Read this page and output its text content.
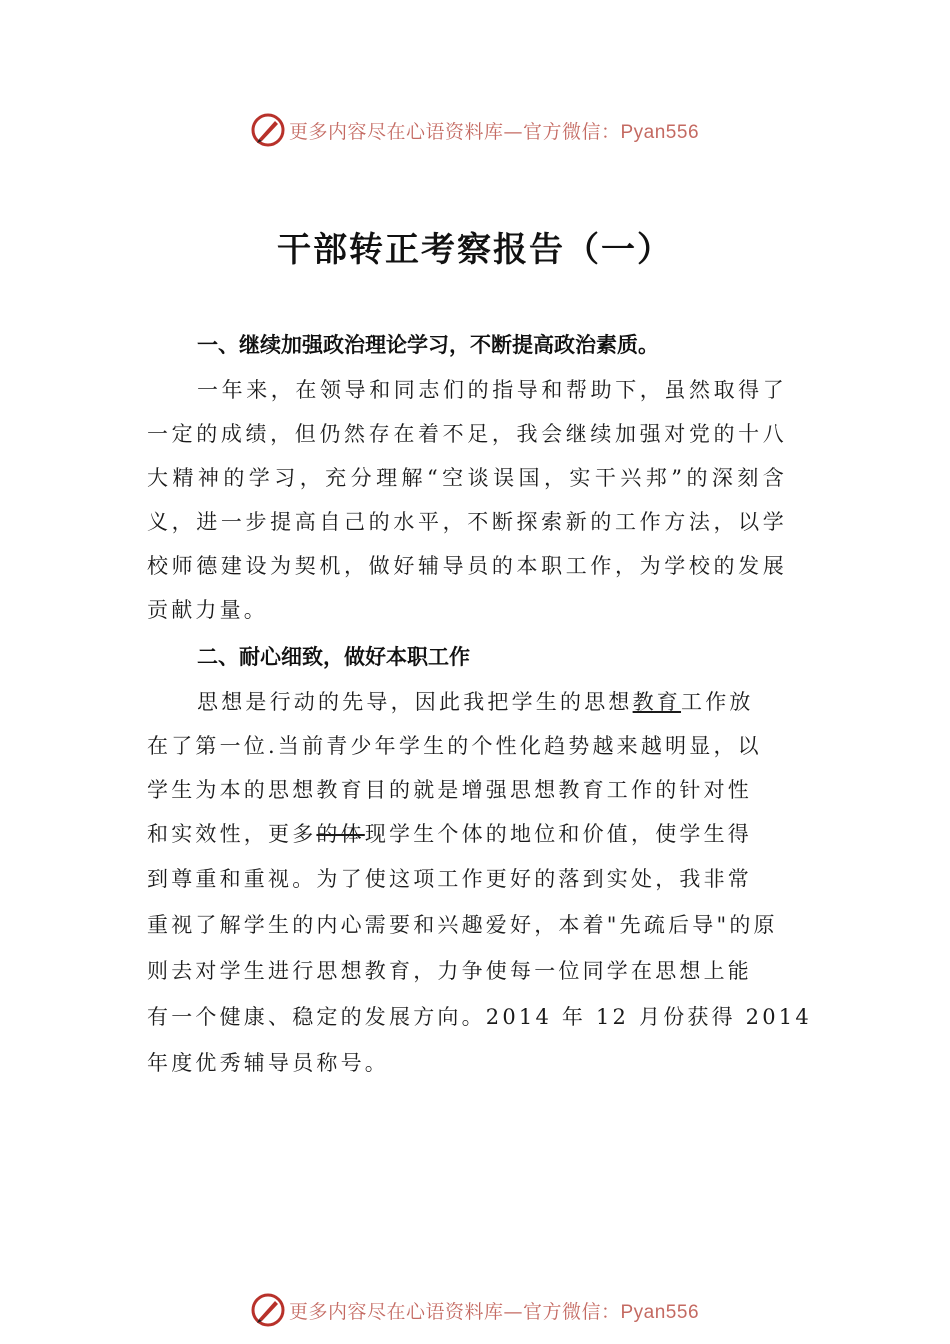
更多内容尽在心语资料库—官方微信：Pyan556
干部转正考察报告（一）

一、继续加强政治理论学习，不断提高政治素质。

一年来，在领导和同志们的指导和帮助下，虽然取得了一定的成绩，但仍然存在着不足，我会继续加强对党的十八大精神的学习，充分理解“空谈误国，实干兴邦”的深刻含义，进一步提高自己的水平，不断探索新的工作方法，以学校师德建设为契机，做好辅导员的本职工作，为学校的发展贡献力量。

二、耐心细致，做好本职工作

思想是行动的先导，因此我把学生的思想教育工作放
在了第一位.当前青少年学生的个性化趋势越来越明显，以
学生为本的思想教育目的就是增强思想教育工作的针对性
和实效性，更多的体现学生个体的地位和价值，使学生得
到尊重和重视。为了使这项工作更好的落到实处，我非常
重视了解学生的内心需要和兴趣爱好，本着"先疏后导"的原
则去对学生进行思想教育，力争使每一位同学在思想上能
有一个健康、稳定的发展方向。2014 年 12 月份获得 2014
年度优秀辅导员称号。
更多内容尽在心语资料库—官方微信：Pyan556
